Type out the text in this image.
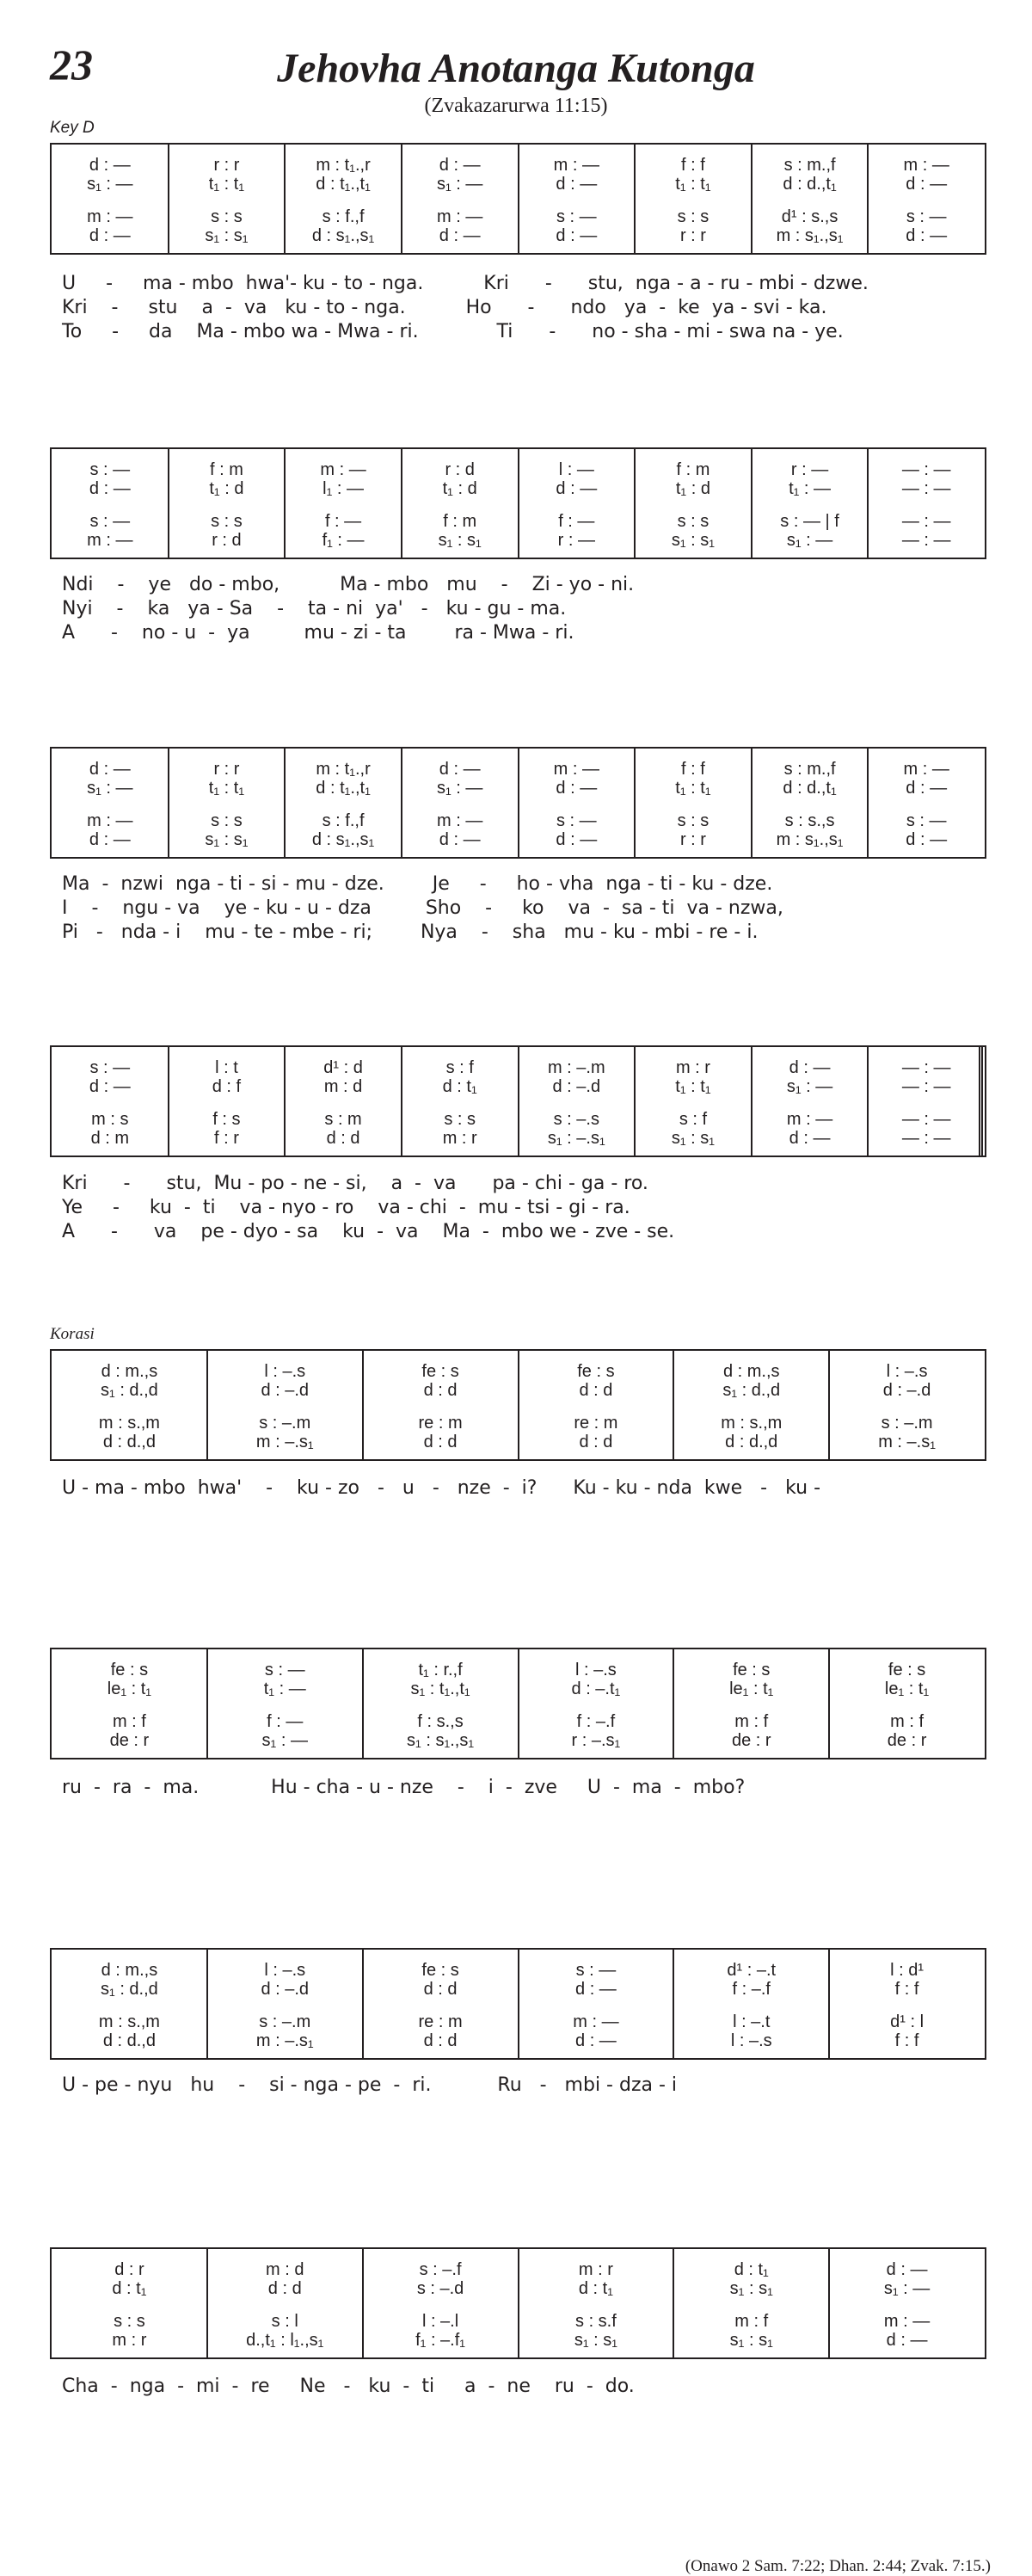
23	Jehovha Anotanga Kutonga
(Zvakazarurwa 11:15)
Key D
Korasi
d : —
s₁ : —
m : —
d : —
r : r
t₁ : t₁
s : s
s₁ : s₁
m : t₁.,r
d : t₁.,t₁
s : f.,f
d : s₁.,s₁
d : —
s₁ : —
m : —
d : —
m : —
d : —
s : —
d : —
f : f
t₁ : t₁
s : s
r : r
s : m.,f
d : d.,t₁
d¹ : s.,s
m : s₁.,s₁
m : —
d : —
s : —
d : —
U     -     ma - mbo  hwa'- ku - to - nga.          Kri      -      stu,  nga - a - ru - mbi - dzwe.
Kri    -     stu    a  -  va   ku - to - nga.          Ho      -      ndo   ya  -  ke  ya - svi - ka.
To     -     da    Ma - mbo wa - Mwa - ri.             Ti      -      no - sha - mi - swa na - ye.
s : —
d : —
s : —
m : —
f : m
t₁ : d
s : s
r : d
m : —
l₁ : —
f : —
f₁ : —
r : d
t₁ : d
f : m
s₁ : s₁
l : —
d : —
f : —
r : —
f : m
t₁ : d
s : s
s₁ : s₁
r : —
t₁ : —
s : — | f
s₁ : —
— : —
— : —
— : —
— : —
Ndi    -    ye   do - mbo,          Ma - mbo   mu    -    Zi - yo - ni.
Nyi    -    ka   ya - Sa    -    ta - ni  ya'   -   ku - gu - ma.
A      -    no - u  -  ya         mu - zi - ta        ra - Mwa - ri.
d : —
s₁ : —
m : —
d : —
r : r
t₁ : t₁
s : s
s₁ : s₁
m : t₁.,r
d : t₁.,t₁
s : f.,f
d : s₁.,s₁
d : —
s₁ : —
m : —
d : —
m : —
d : —
s : —
d : —
f : f
t₁ : t₁
s : s
r : r
s : m.,f
d : d.,t₁
s : s.,s
m : s₁.,s₁
m : —
d : —
s : —
d : —
Ma  -  nzwi  nga - ti - si - mu - dze.        Je     -     ho - vha  nga - ti - ku - dze.
I    -    ngu - va    ye - ku - u - dza         Sho    -     ko    va  -  sa - ti  va - nzwa,
Pi   -   nda - i    mu - te - mbe - ri;        Nya    -    sha   mu - ku - mbi - re - i.
s : —
d : —
m : s
d : m
l : t
d : f
f : s
f : r
d¹ : d
m : d
s : m
d : d
s : f
d : t₁
s : s
m : r
m : –.m
d : –.d
s : –.s
s₁ : –.s₁
m : r
t₁ : t₁
s : f
s₁ : s₁
d : —
s₁ : —
m : —
d : —
— : —
— : —
— : —
— : —
Kri      -      stu,  Mu - po - ne - si,    a  -  va      pa - chi - ga - ro.
Ye     -     ku  -  ti    va - nyo - ro    va - chi  -  mu - tsi - gi - ra.
A      -      va    pe - dyo - sa    ku  -  va    Ma  -  mbo we - zve - se.
d : m.,s
s₁ : d.,d
m : s.,m
d : d.,d
l : –.s
d : –.d
s : –.m
m : –.s₁
fe : s
d : d
re : m
d : d
fe : s
d : d
re : m
d : d
d : m.,s
s₁ : d.,d
m : s.,m
d : d.,d
l : –.s
d : –.d
s : –.m
m : –.s₁
U - ma - mbo  hwa'    -    ku - zo   -   u   -   nze  -  i?      Ku - ku - nda  kwe   -   ku -
fe : s
le₁ : t₁
m : f
de : r
s : —
t₁ : —
f : —
s₁ : —
t₁ : r.,f
s₁ : t₁.,t₁
f : s.,s
s₁ : s₁.,s₁
l : –.s
d : –.t₁
f : –.f
r : –.s₁
fe : s
le₁ : t₁
m : f
de : r
fe : s
le₁ : t₁
m : f
de : r
ru  -  ra  -  ma.            Hu - cha - u - nze    -    i  -  zve     U  -  ma  -  mbo?
d : m.,s
s₁ : d.,d
m : s.,m
d : d.,d
l : –.s
d : –.d
s : –.m
m : –.s₁
fe : s
d : d
re : m
d : d
s : —
d : —
m : —
d : —
d¹ : –.t
f : –.f
l : –.t
l : –.s
l : d¹
f : f
d¹ : l
f : f
U - pe - nyu   hu    -    si - nga - pe  -  ri.           Ru   -   mbi - dza - i
d : r
d : t₁
s : s
m : r
m : d
d : d
s : l
d.,t₁ : l₁.,s₁
s : –.f
s : –.d
l : –.l
f₁ : –.f₁
m : r
d : t₁
s : s.f
s₁ : s₁
d : t₁
s₁ : s₁
m : f
s₁ : s₁
d : —
s₁ : —
m : —
d : —
Cha  -  nga  -  mi  -  re     Ne   -   ku  -  ti     a  -  ne    ru  -  do.
(Onawo 2 Sam. 7:22; Dhan. 2:44; Zvak. 7:15.)
